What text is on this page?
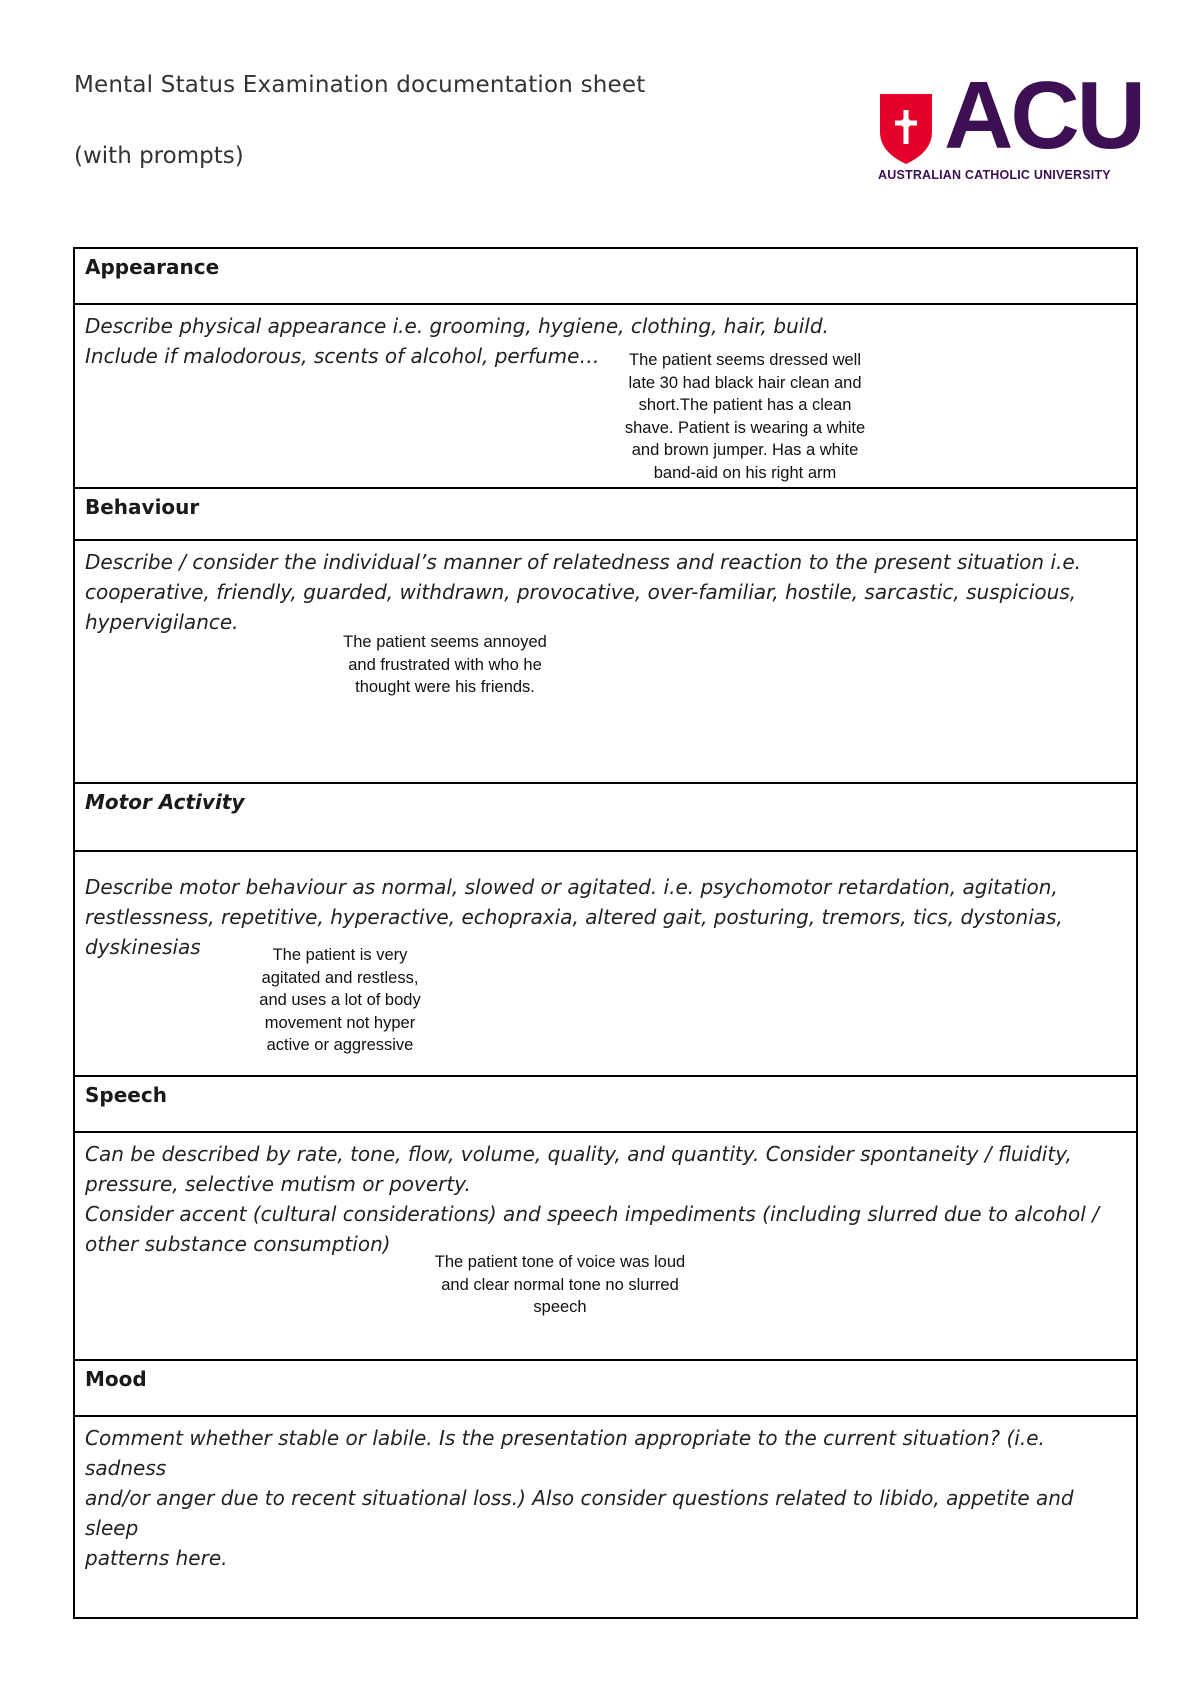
Mental Status Examination documentation sheet
(with prompts)	ACU
AUSTRALIAN CATHOLIC UNIVERSITY
Appearance
Describe physical appearance i.e. grooming, hygiene, clothing, hair, build.
Include if malodorous, scents of alcohol, perfume…	The patient seems dressed well
late 30 had black hair clean and
short.The patient has a clean
shave. Patient is wearing a white
and brown jumper. Has a white
band-aid on his right arm
Behaviour
Describe / consider the individual’s manner of relatedness and reaction to the present situation i.e.
cooperative, friendly, guarded, withdrawn, provocative, over-familiar, hostile, sarcastic, suspicious,
hypervigilance.
The patient seems annoyed
and frustrated with who he
thought were his friends.
Motor Activity
Describe motor behaviour as normal, slowed or agitated. i.e. psychomotor retardation, agitation,
restlessness, repetitive, hyperactive, echopraxia, altered gait, posturing, tremors, tics, dystonias,
dyskinesias	The patient is very
agitated and restless,
and uses a lot of body
movement not hyper
active or aggressive
Speech
Can be described by rate, tone, flow, volume, quality, and quantity. Consider spontaneity / fluidity,
pressure, selective mutism or poverty.
Consider accent (cultural considerations) and speech impediments (including slurred due to alcohol /
other substance consumption)
The patient tone of voice was loud
and clear normal tone no slurred
speech
Mood
Comment whether stable or labile. Is the presentation appropriate to the current situation? (i.e. sadness
and/or anger due to recent situational loss.) Also consider questions related to libido, appetite and sleep
patterns here.
